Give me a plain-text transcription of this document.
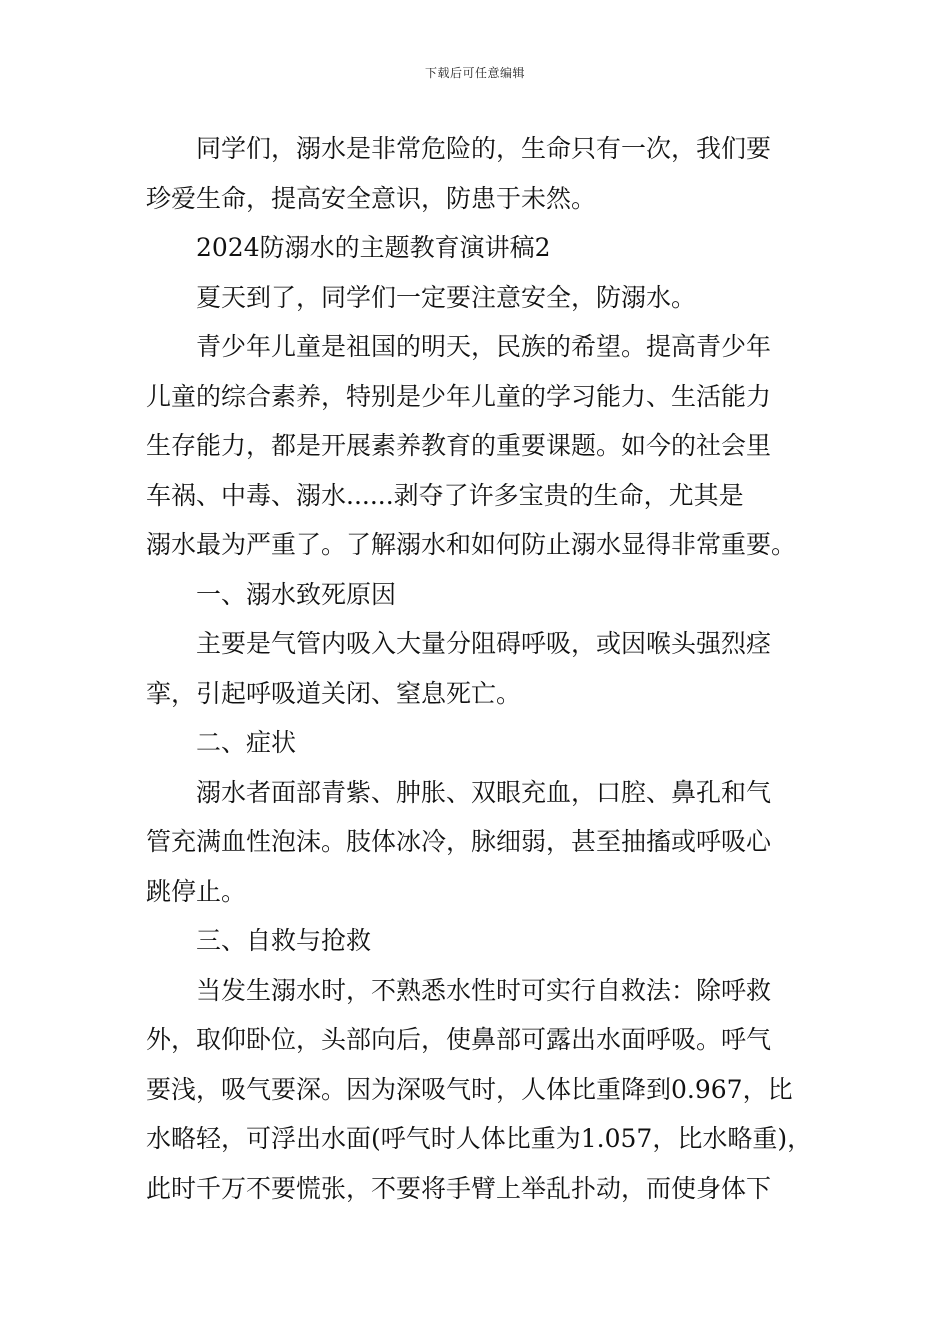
下载后可任意编辑
同学们，溺水是非常危险的，生命只有一次，我们要
珍爱生命，提高安全意识，防患于未然。
2024防溺水的主题教育演讲稿2
夏天到了，同学们一定要注意安全，防溺水。
青少年儿童是祖国的明天，民族的希望。提高青少年
儿童的综合素养，特别是少年儿童的学习能力、生活能力
生存能力，都是开展素养教育的重要课题。如今的社会里
车祸、中毒、溺水......剥夺了许多宝贵的生命，尤其是
溺水最为严重了。了解溺水和如何防止溺水显得非常重要。
一、溺水致死原因
主要是气管内吸入大量分阻碍呼吸，或因喉头强烈痉
挛，引起呼吸道关闭、窒息死亡。
二、症状
溺水者面部青紫、肿胀、双眼充血，口腔、鼻孔和气
管充满血性泡沫。肢体冰冷，脉细弱，甚至抽搐或呼吸心
跳停止。
三、自救与抢救
当发生溺水时，不熟悉水性时可实行自救法：除呼救
外，取仰卧位，头部向后，使鼻部可露出水面呼吸。呼气
要浅，吸气要深。因为深吸气时，人体比重降到0.967，比
水略轻，可浮出水面(呼气时人体比重为1.057，比水略重)，
此时千万不要慌张，不要将手臂上举乱扑动，而使身体下
